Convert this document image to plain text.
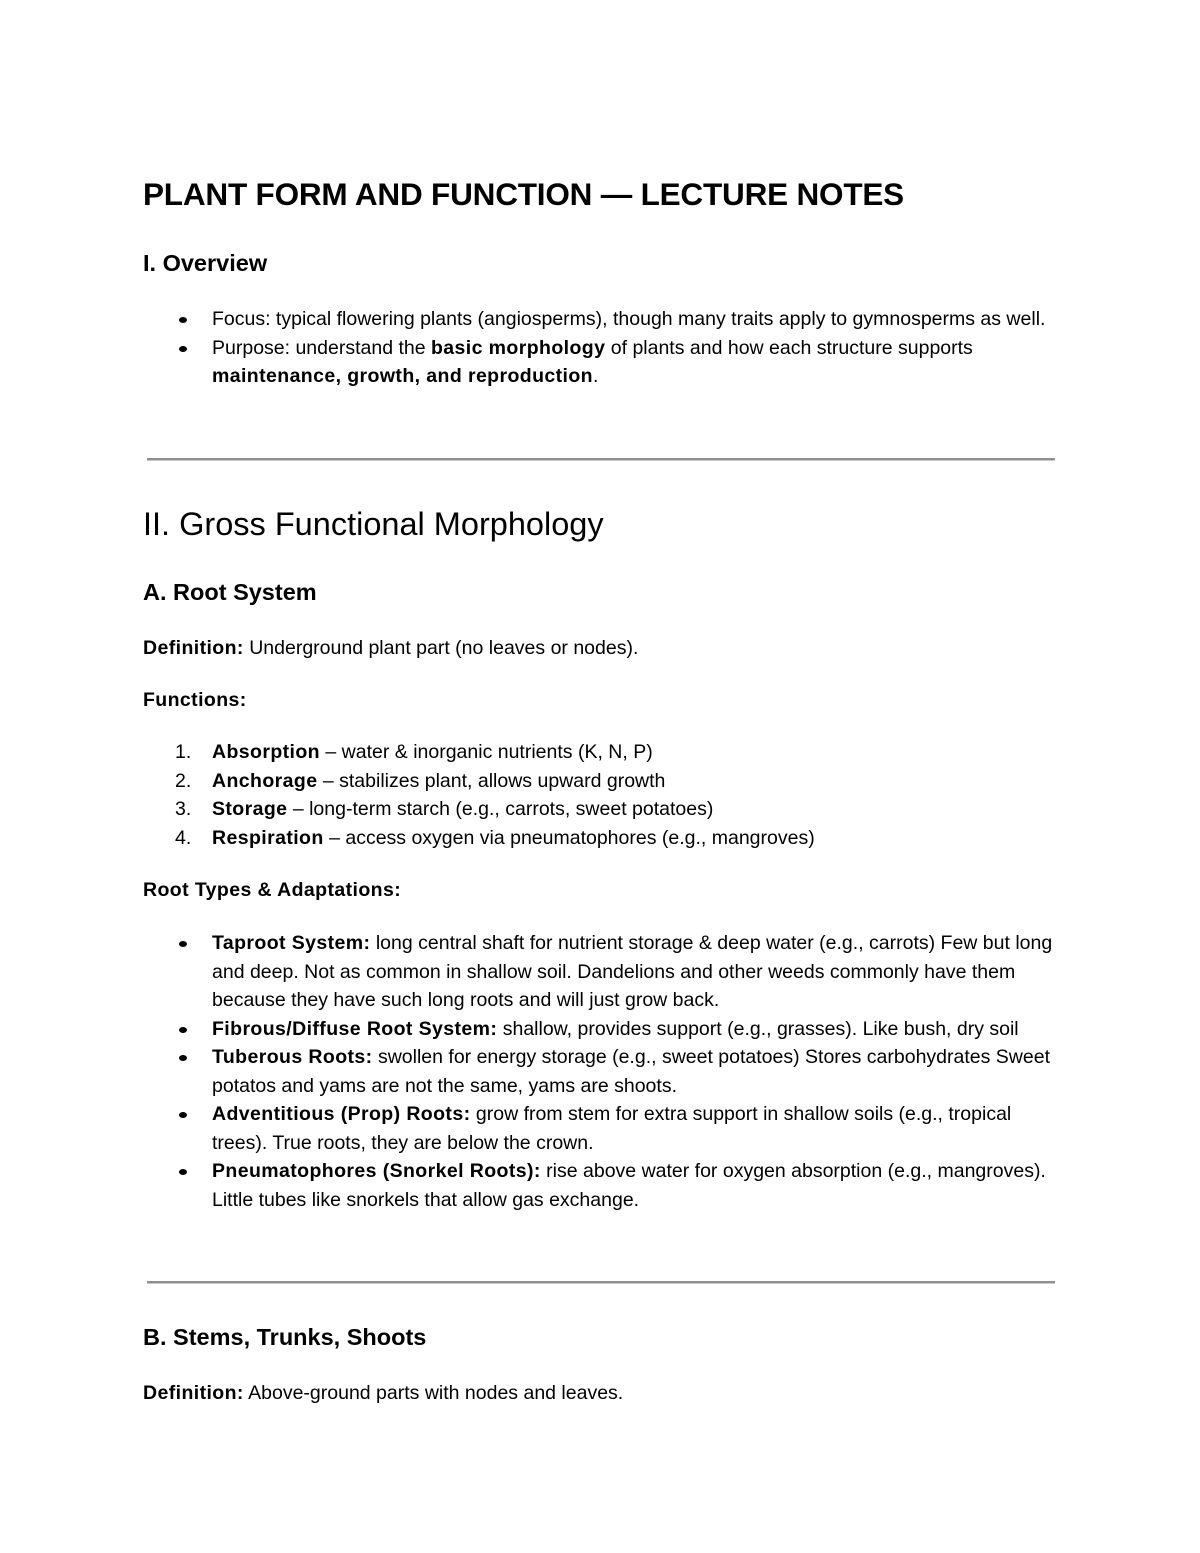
PLANT FORM AND FUNCTION — LECTURE NOTES
I. Overview
Focus: typical flowering plants (angiosperms), though many traits apply to gymnosperms as well.
Purpose: understand the basic morphology of plants and how each structure supports maintenance, growth, and reproduction.
II. Gross Functional Morphology
A. Root System

Definition: Underground plant part (no leaves or nodes).

Functions:

1. Absorption – water & inorganic nutrients (K, N, P)
2. Anchorage – stabilizes plant, allows upward growth
3. Storage – long-term starch (e.g., carrots, sweet potatoes)
4. Respiration – access oxygen via pneumatophores (e.g., mangroves)

Root Types & Adaptations:

Taproot System: long central shaft for nutrient storage & deep water (e.g., carrots) Few but long and deep. Not as common in shallow soil. Dandelions and other weeds commonly have them because they have such long roots and will just grow back.
Fibrous/Diffuse Root System: shallow, provides support (e.g., grasses). Like bush, dry soil
Tuberous Roots: swollen for energy storage (e.g., sweet potatoes) Stores carbohydrates Sweet potatos and yams are not the same, yams are shoots.
Adventitious (Prop) Roots: grow from stem for extra support in shallow soils (e.g., tropical trees). True roots, they are below the crown.
Pneumatophores (Snorkel Roots): rise above water for oxygen absorption (e.g., mangroves). Little tubes like snorkels that allow gas exchange.
B. Stems, Trunks, Shoots

Definition: Above-ground parts with nodes and leaves.
